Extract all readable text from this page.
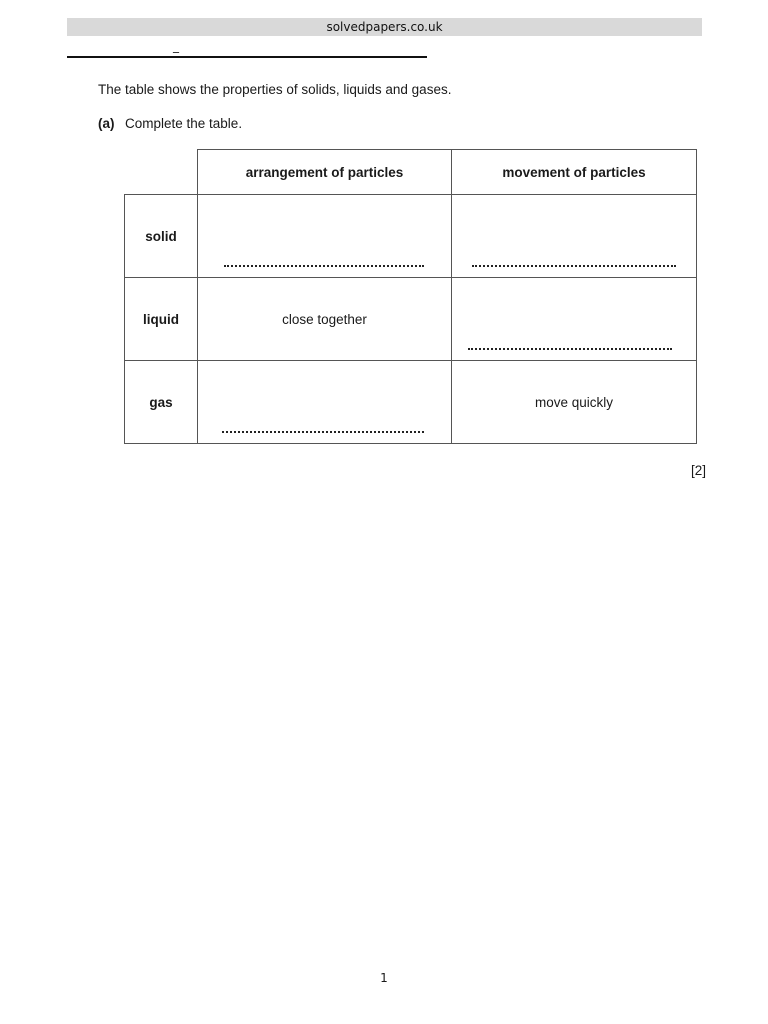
solvedpapers.co.uk
_
The table shows the properties of solids, liquids and gases.
(a) Complete the table.
	arrangement of particles	movement of particles
solid	

liquid	close together	

gas		move quickly
[2]
1
